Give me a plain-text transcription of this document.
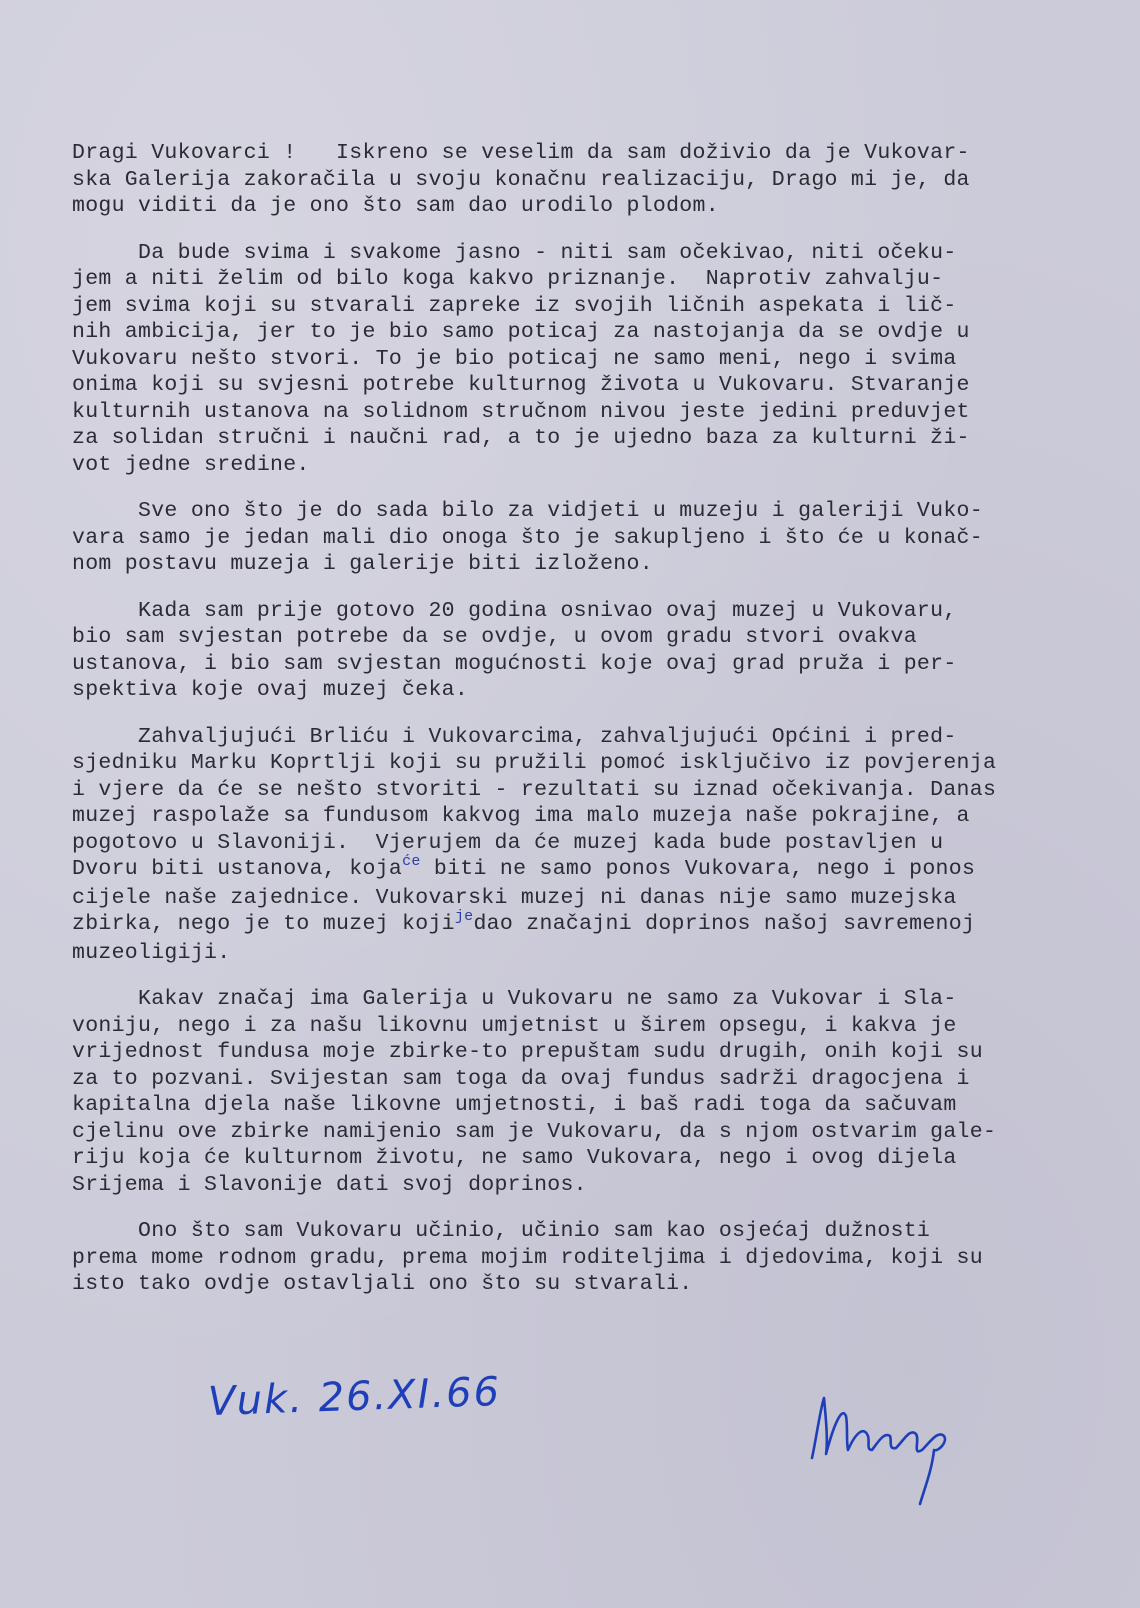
Dragi Vukovarci !   Iskreno se veselim da sam doživio da je Vukovar-
ska Galerija zakoračila u svoju konačnu realizaciju, Drago mi je, da
mogu viditi da je ono što sam dao urodilo plodom.

Da bude svima i svakome jasno - niti sam očekivao, niti očeku-
jem a niti želim od bilo koga kakvo priznanje.  Naprotiv zahvalju-
jem svima koji su stvarali zapreke iz svojih ličnih aspekata i lič-
nih ambicija, jer to je bio samo poticaj za nastojanja da se ovdje u
Vukovaru nešto stvori. To je bio poticaj ne samo meni, nego i svima
onima koji su svjesni potrebe kulturnog života u Vukovaru. Stvaranje
kulturnih ustanova na solidnom stručnom nivou jeste jedini preduvjet
za solidan stručni i naučni rad, a to je ujedno baza za kulturni ži-
vot jedne sredine.

Sve ono što je do sada bilo za vidjeti u muzeju i galeriji Vuko-
vara samo je jedan mali dio onoga što je sakupljeno i što će u konač-
nom postavu muzeja i galerije biti izloženo.

Kada sam prije gotovo 20 godina osnivao ovaj muzej u Vukovaru,
bio sam svjestan potrebe da se ovdje, u ovom gradu stvori ovakva
ustanova, i bio sam svjestan mogućnosti koje ovaj grad pruža i per-
spektiva koje ovaj muzej čeka.

Zahvaljujući Brliću i Vukovarcima, zahvaljujući Općini i pred-
sjedniku Marku Koprtlji koji su pružili pomoć isključivo iz povjerenja
i vjere da će se nešto stvoriti - rezultati su iznad očekivanja. Danas
muzej raspolaže sa fundusom kakvog ima malo muzeja naše pokrajine, a
pogotovo u Slavoniji.  Vjerujem da će muzej kada bude postavljen u
Dvoru biti ustanova, koja$^{će}$ biti ne samo ponos Vukovara, nego i ponos
cijele naše zajednice. Vukovarski muzej ni danas nije samo muzejska
zbirka, nego je to muzej koji$^{je}$dao značajni doprinos našoj savremenoj
muzeoligiji.

Kakav značaj ima Galerija u Vukovaru ne samo za Vukovar i Sla-
voniju, nego i za našu likovnu umjetnist u širem opsegu, i kakva je
vrijednost fundusa moje zbirke-to prepuštam sudu drugih, onih koji su
za to pozvani. Svijestan sam toga da ovaj fundus sadrži dragocjena i
kapitalna djela naše likovne umjetnosti, i baš radi toga da sačuvam
cjelinu ove zbirke namijenio sam je Vukovaru, da s njom ostvarim gale-
riju koja će kulturnom životu, ne samo Vukovara, nego i ovog dijela
Srijema i Slavonije dati svoj doprinos.

Ono što sam Vukovaru učinio, učinio sam kao osjećaj dužnosti
prema mome rodnom gradu, prema mojim roditeljima i djedovima, koji su
isto tako ovdje ostavljali ono što su stvarali.

Vuk. 26.XI.66
